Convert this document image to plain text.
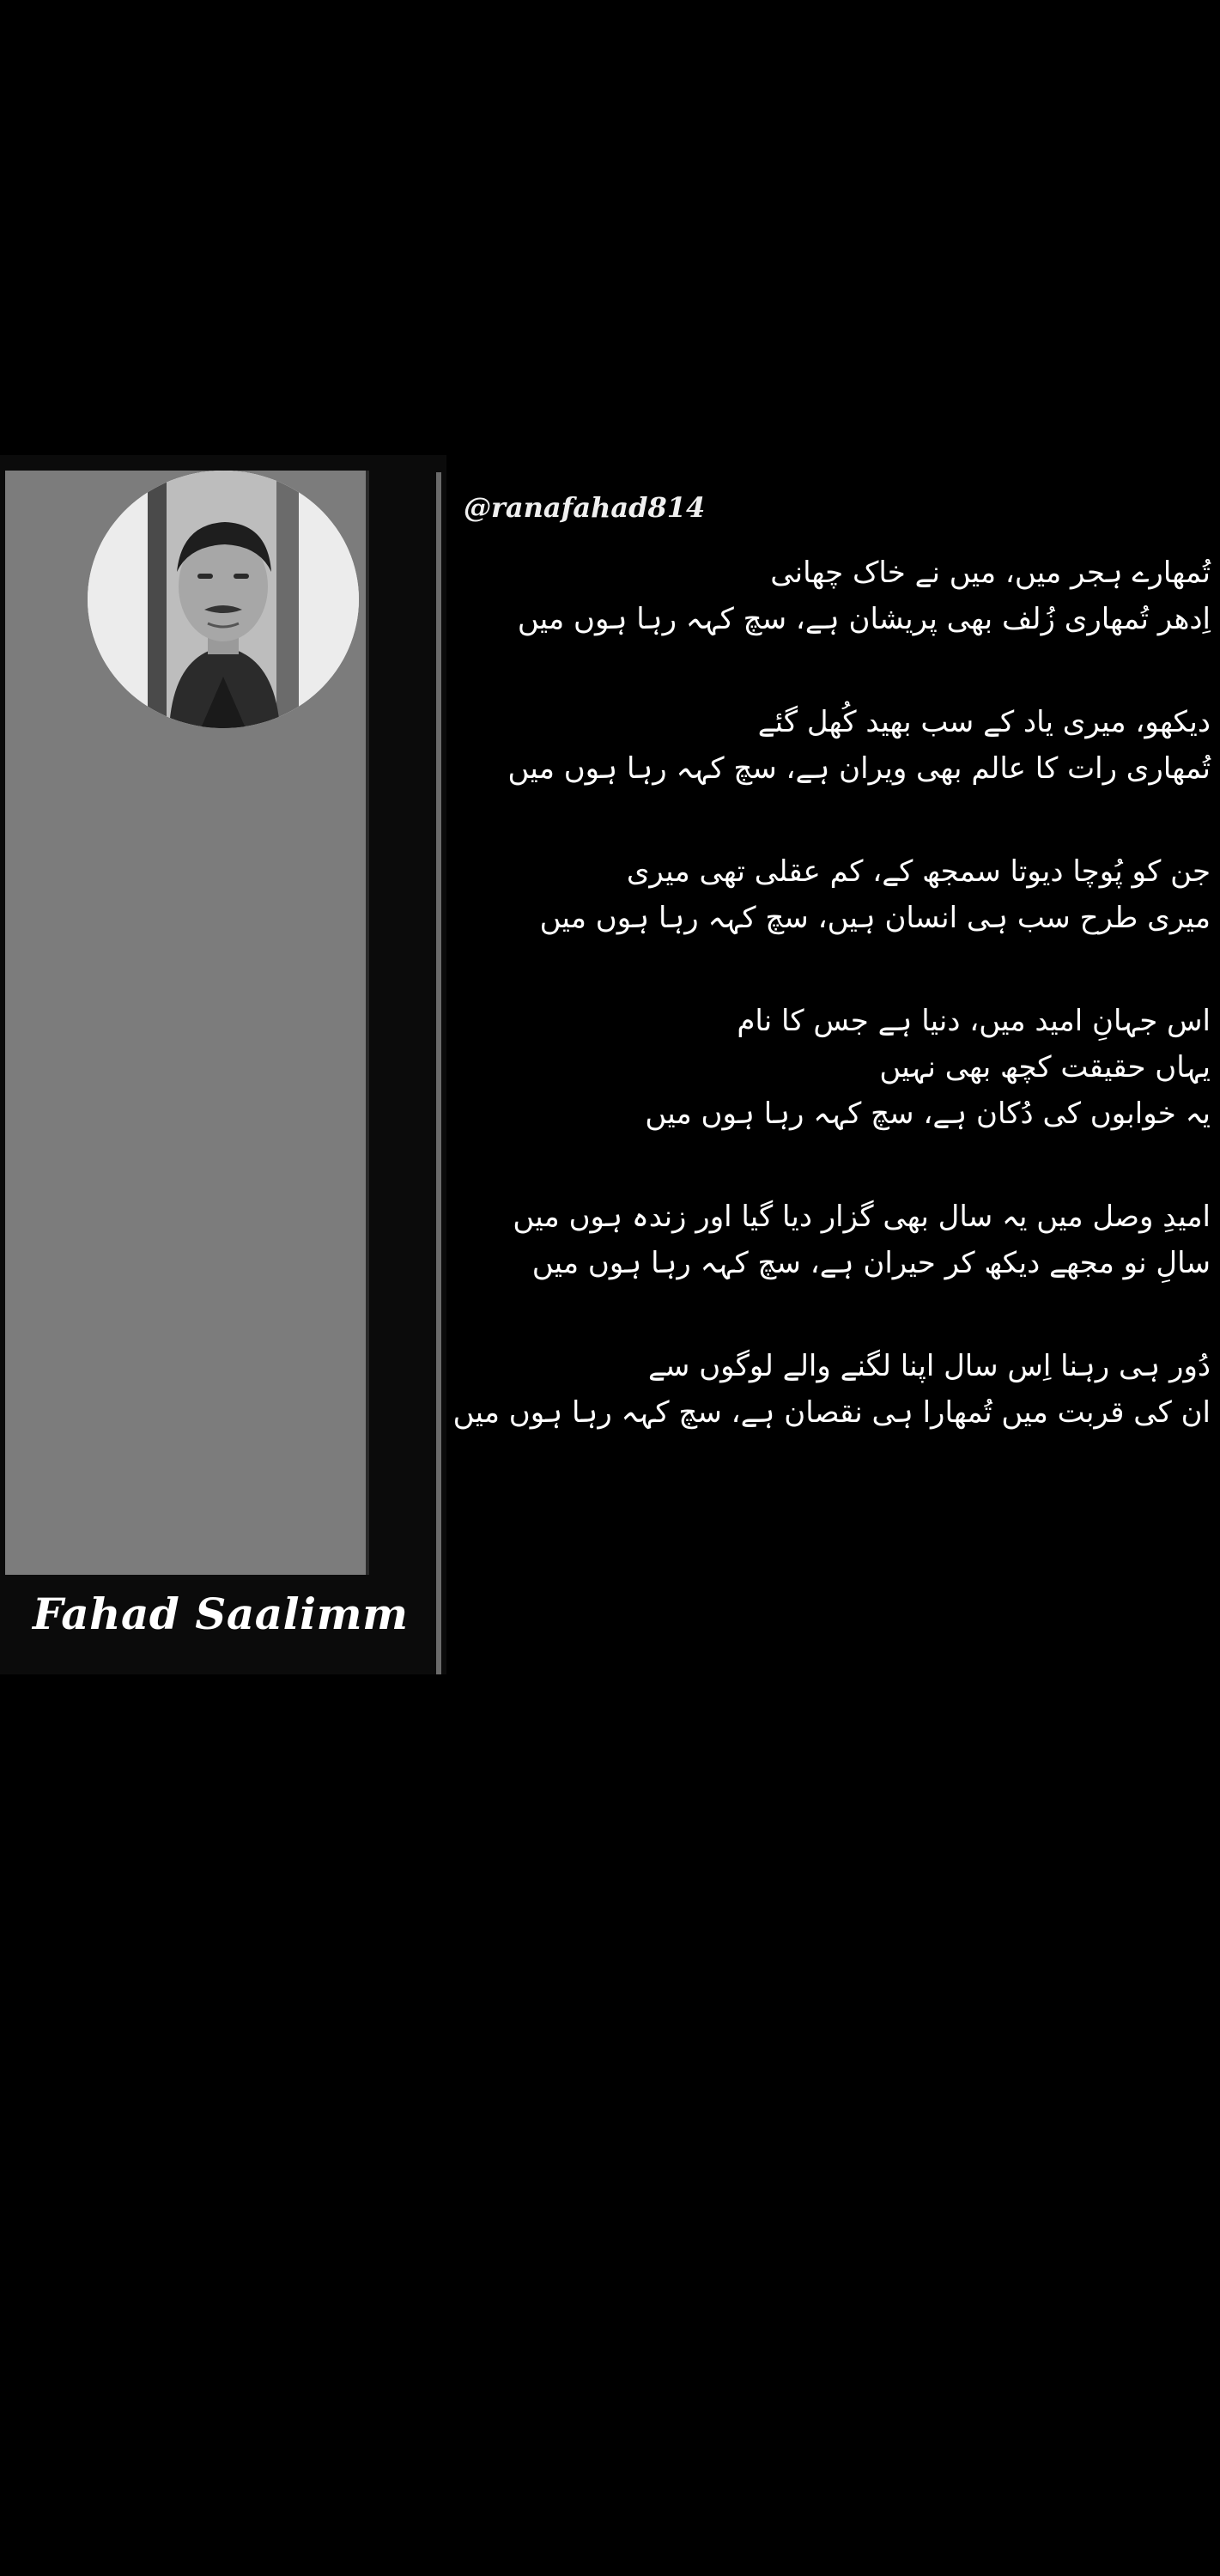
Fahad Saalimm
@ranafahad814

تُمھارے ہجر میں، میں نے خاک چھانی

اِدھر تُمھاری زُلف بھی پریشان ہے، سچ کہہ رہا ہوں میں

دیکھو، میری یاد کے سب بھید کُھل گئے

تُمھاری رات کا عالم بھی ویران ہے، سچ کہہ رہا ہوں میں

جن کو پُوچا دیوتا سمجھ کے، کم عقلی تھی میری

میری طرح سب ہی انسان ہیں، سچ کہہ رہا ہوں میں

اس جہانِ امید میں، دنیا ہے جس کا نام

یہاں حقیقت کچھ بھی نہیں

یہ خوابوں کی دُکان ہے، سچ کہہ رہا ہوں میں

امیدِ وصل میں یہ سال بھی گزار دیا گیا اور زندہ ہوں میں

سالِ نو مجھے دیکھ کر حیران ہے، سچ کہہ رہا ہوں میں

دُور ہی رہنا اِس سال اپنا لگنے والے لوگوں سے

ان کی قربت میں تُمھارا ہی نقصان ہے، سچ کہہ رہا ہوں میں
